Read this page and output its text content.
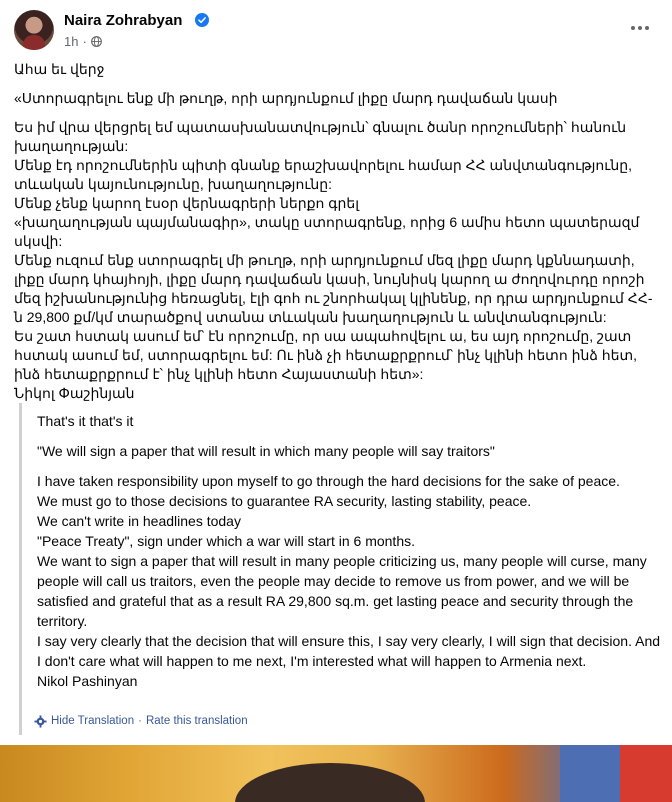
Naira Zohrabyan
1h ·

Ահա եւ վերջ

«Ստորագրելու ենք մի թուղթ, որի արդյունքում լիքը մարդ դավաճան կասի

Ես իմ վրա վերցրել եմ պատասխանատվություն՝ գնալու ծանր որոշումների՝ հանուն խաղաղության:

Մենք էդ որոշումներին պիտի գնանք երաշխավորելու համար ՀՀ անվտանգությունը, տևական կայունությունը, խաղաղությունը:

Մենք չենք կարող էսօր վերնագրերի ներքո գրել

«խաղաղության պայմանագիր», տակը ստորագրենք, որից 6 ամիս հետո պատերազմ սկսվի:

Մենք ուզում ենք ստորագրել մի թուղթ, որի արդյունքում մեզ լիքը մարդ կքննադատի, լիքը մարդ կհայհոյի, լիքը մարդ դավաճան կասի, նույնիսկ կարող ա ժողովուրդը որոշի մեզ իշխանությունից հեռացնել, էլի գոհ ու շնորհակալ կլինենք, որ դրա արդյունքում ՀՀ-ն 29,800 քմ/կմ տարածքով ստանա տևական խաղաղություն և անվտանգություն:

Ես շատ հստակ ասում եմ՝ էն որոշումը, որ սա ապահովելու ա, ես այդ որոշումը, շատ հստակ ասում եմ, ստորագրելու եմ: Ու ինձ չի հետաքրքրում՝ ինչ կլինի հետո ինձ հետ, ինձ հետաքրքրում է՝ ինչ կլինի հետո Հայաստանի հետ»:

Նիկոլ Փաշինյան

That's it that's it

"We will sign a paper that will result in which many people will say traitors"

I have taken responsibility upon myself to go through the hard decisions for the sake of peace.

We must go to those decisions to guarantee RA security, lasting stability, peace.

We can't write in headlines today

"Peace Treaty", sign under which a war will start in 6 months.

We want to sign a paper that will result in many people criticizing us, many people will curse, many people will call us traitors, even the people may decide to remove us from power, and we will be satisfied and grateful that as a result RA 29,800 sq.m. get lasting peace and security through the territory.

I say very clearly that the decision that will ensure this, I say very clearly, I will sign that decision. And I don't care what will happen to me next, I'm interested what will happen to Armenia next.

Nikol Pashinyan

Hide Translation · Rate this translation
